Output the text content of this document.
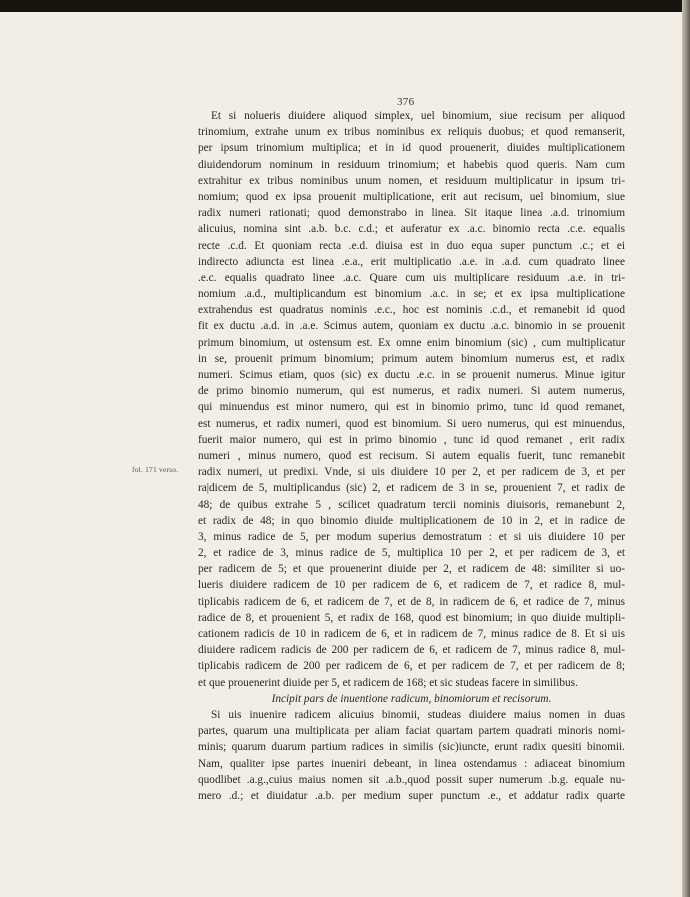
376
fol. 171 verso.
Et si nolueris diuidere aliquod simplex, uel binomium, siue recisum per aliquod
trinomium, extrahe unum ex tribus nominibus ex reliquis duobus; et quod remanserit,
per ipsum trinomium multiplica; et in id quod prouenerit, diuides multiplicationem
diuidendorum nominum in residuum trinomium; et habebis quod queris. Nam cum
extrahitur ex tribus nominibus unum nomen, et residuum multiplicatur in ipsum tri-
nomium; quod ex ipsa prouenit multiplicatione, erit aut recisum, uel binomium, siue
radix numeri rationati; quod demonstrabo in linea. Sit itaque linea .a.d. trinomium
alicuius, nomina sint .a.b. b.c. c.d.; et auferatur ex .a.c. binomio recta .c.e. equalis
recte .c.d. Et quoniam recta .e.d. diuisa est in duo equa super punctum .c.; et ei
indirecto adiuncta est linea .e.a., erit multiplicatio .a.e. in .a.d. cum quadrato linee
.e.c. equalis quadrato linee .a.c. Quare cum uis multiplicare residuum .a.e. in tri-
nomium .a.d., multiplicandum est binomium .a.c. in se; et ex ipsa multiplicatione
extrahendus est quadratus nominis .e.c., hoc est nominis .c.d., et remanebit id quod
fit ex ductu .a.d. in .a.e. Scimus autem, quoniam ex ductu .a.c. binomio in se prouenit
primum binomium, ut ostensum est. Ex omne enim binomium (sic) , cum multiplicatur
in se, prouenit primum binomium; primum autem binomium numerus est, et radix
numeri. Scimus etiam, quos (sic) ex ductu .e.c. in se prouenit numerus. Minue igitur
de primo binomio numerum, qui est numerus, et radix numeri. Si autem numerus,
qui minuendus est minor numero, qui est in binomio primo, tunc id quod remanet,
est numerus, et radix numeri, quod est binomium. Si uero numerus, qui est minuendus,
fuerit maior numero, qui est in primo binomio , tunc id quod remanet , erit radix
numeri , minus numero, quod est recisum. Si autem equalis fuerit, tunc remanebit
radix numeri, ut predixi. Vnde, si uis diuidere 10 per 2, et per radicem de 3, et per
ra|dicem de 5, multiplicandus (sic) 2, et radicem de 3 in se, prouenient 7, et radix de
48; de quibus extrahe 5 , scilicet quadratum tercii nominis diuisoris, remanebunt 2,
et radix de 48; in quo binomio diuide multiplicationem de 10 in 2, et in radice de
3, minus radice de 5, per modum superius demostratum : et si uis diuidere 10 per
2, et radice de 3, minus radice de 5, multiplica 10 per 2, et per radicem de 3, et
per radicem de 5; et que prouenerint diuide per 2, et radicem de 48: similiter si uo-
lueris diuidere radicem de 10 per radicem de 6, et radicem de 7, et radice 8, mul-
tiplicabis radicem de 6, et radicem de 7, et de 8, in radicem de 6, et radice de 7, minus
radice de 8, et prouenient 5, et radix de 168, quod est binomium; in quo diuide multipli-
cationem radicis de 10 in radicem de 6, et in radicem de 7, minus radice de 8. Et si uis
diuidere radicem radicis de 200 per radicem de 6, et radicem de 7, minus radice 8, mul-
tiplicabis radicem de 200 per radicem de 6, et per radicem de 7, et per radicem de 8;
et que prouenerint diuide per 5, et radicem de 168; et sic studeas facere in similibus.
Incipit pars de inuentione radicum, binomiorum et recisorum.
Si uis inuenire radicem alicuius binomii, studeas diuidere maius nomen in duas
partes, quarum una multiplicata per aliam faciat quartam partem quadrati minoris nomi-
minis; quarum duarum partium radices in similis (sic)iuncte, erunt radix quesiti binomii.
Nam, qualiter ipse partes inueniri debeant, in linea ostendamus : adiaceat binomium
quodlibet .a.g.,cuius maius nomen sit .a.b.,quod possit super numerum .b.g. equale nu-
mero .d.; et diuidatur .a.b. per medium super punctum .e., et addatur radix quarte
